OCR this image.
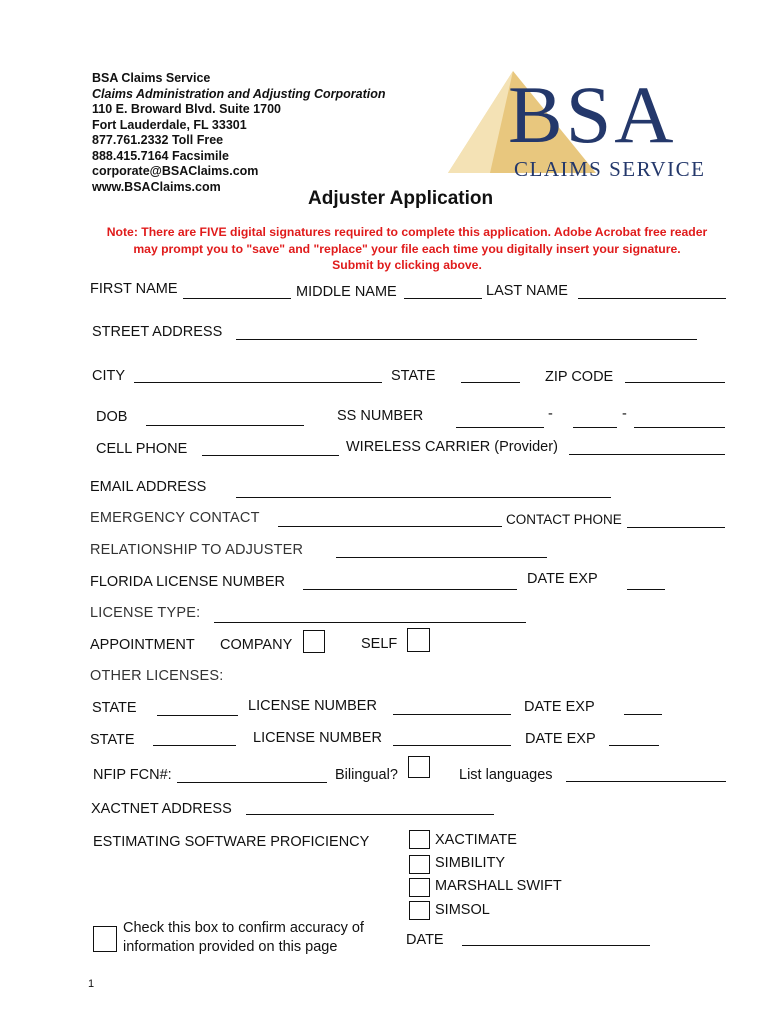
BSA Claims Service
Claims Administration and Adjusting Corporation
110 E. Broward Blvd. Suite 1700
Fort Lauderdale, FL 33301
877.761.2332 Toll Free
888.415.7164 Facsimile
corporate@BSAClaims.com
www.BSAClaims.com
BSA
CLAIMS SERVICE
Adjuster Application
Note: There are FIVE digital signatures required to complete this application. Adobe Acrobat free reader
may prompt you to "save" and "replace" your file each time you digitally insert your signature.
Submit by clicking above.
FIRST NAME	MIDDLE NAME	LAST NAME
STREET ADDRESS
CITY	STATE	ZIP CODE
DOB	SS NUMBER	-	-
CELL PHONE	WIRELESS CARRIER (Provider)
EMAIL ADDRESS
EMERGENCY CONTACT	CONTACT PHONE
RELATIONSHIP TO ADJUSTER
FLORIDA LICENSE NUMBER	DATE EXP
LICENSE TYPE:
APPOINTMENT COMPANY	SELF
OTHER LICENSES:
STATE	LICENSE NUMBER	DATE EXP
STATE	LICENSE NUMBER	DATE EXP
NFIP FCN#:	Bilingual?	List languages
XACTNET ADDRESS
ESTIMATING SOFTWARE PROFICIENCY	XACTIMATE
SIMBILITY
MARSHALL SWIFT
SIMSOL
Check this box to confirm accuracy of
information provided on this page	DATE
1
